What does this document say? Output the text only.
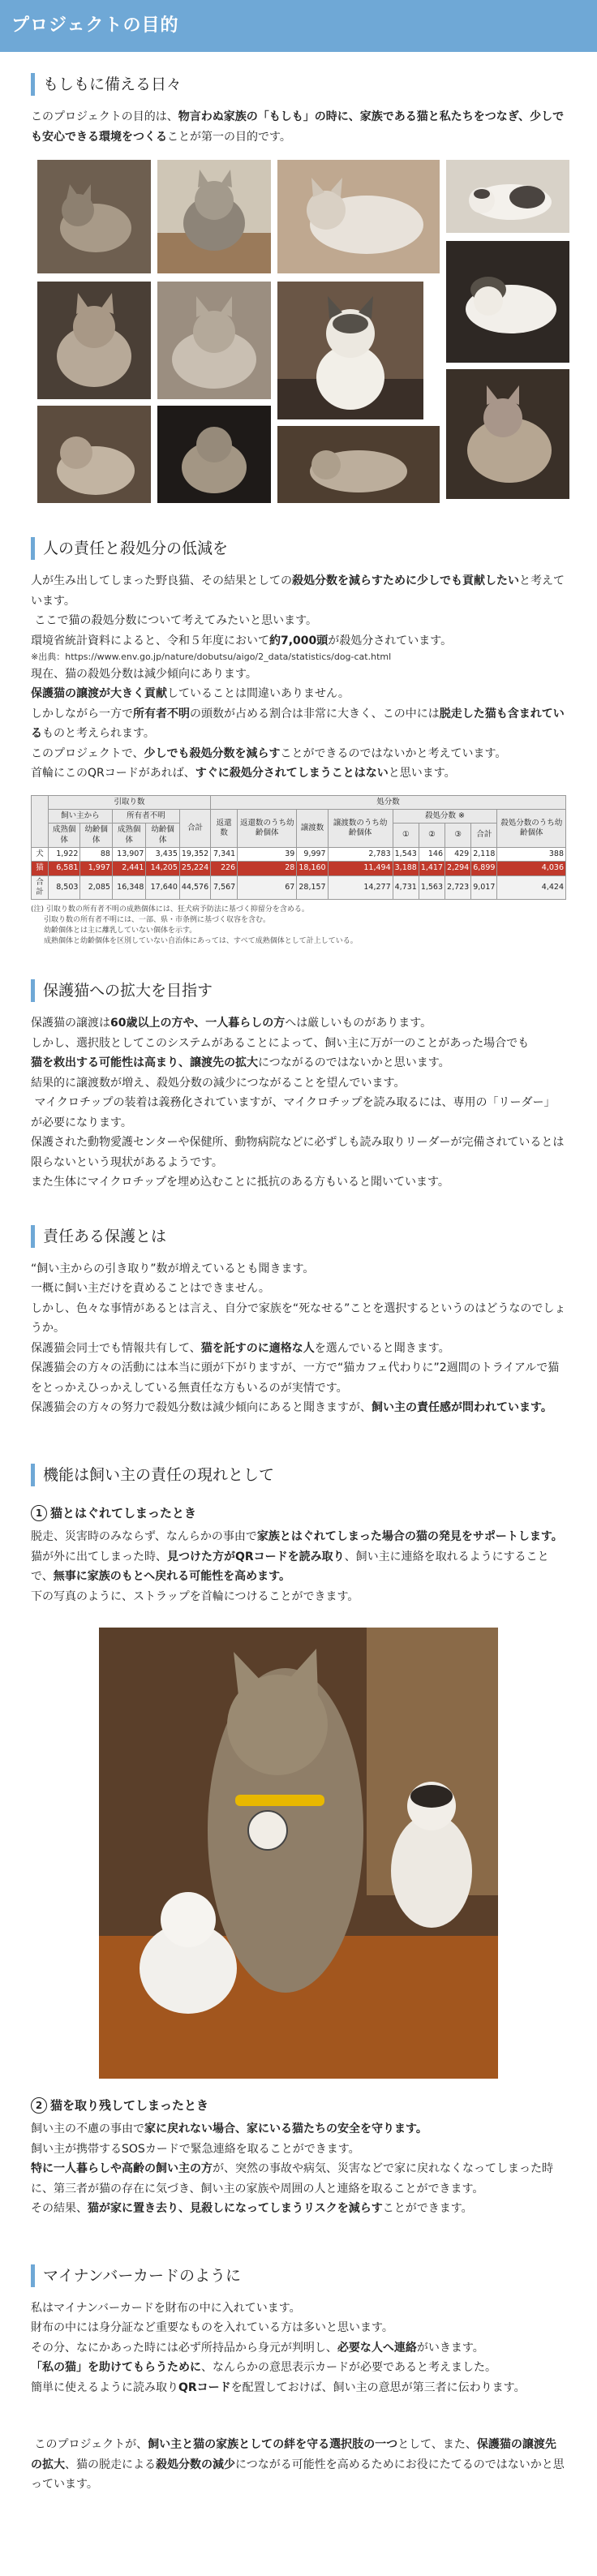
プロジェクトの目的
もしもに備える日々

このプロジェクトの目的は、物言わぬ家族の「もしも」の時に、家族である猫と私たちをつなぎ、少しでも安心できる環境をつくることが第一の目的です。

人の責任と殺処分の低減を

人が生み出してしまった野良猫、その結果としての殺処分数を減らすために少しでも貢献したいと考えています。

ここで猫の殺処分数について考えてみたいと思います。

環境省統計資料によると、令和５年度において約7,000頭が殺処分されています。

※出典：https://www.env.go.jp/nature/dobutsu/aigo/2_data/statistics/dog-cat.html

現在、猫の殺処分数は減少傾向にあります。

保護猫の譲渡が大きく貢献していることは間違いありません。

しかしながら一方で所有者不明の頭数が占める割合は非常に大きく、この中には脱走した猫も含まれているものと考えられます。

このプロジェクトで、少しでも殺処分数を減らすことができるのではないかと考えています。

首輪にこのQRコードがあれば、すぐに殺処分されてしまうことはないと思います。

	引取り数					処分数								
	飼い主から		所有者不明		合計	返還数	返還数のうち幼齢個体	譲渡数	譲渡数のうち幼齢個体	殺処分数 ※				殺処分数のうち幼齢個体
	成熟個体	幼齢個体	成熟個体	幼齢個体						①	②	③	合計	
犬	1,922	88	13,907	3,435	19,352	7,341	39	9,997	2,783	1,543	146	429	2,118	388
猫	6,581	1,997	2,441	14,205	25,224	226	28	18,160	11,494	3,188	1,417	2,294	6,899	4,036
合計	8,503	2,085	16,348	17,640	44,576	7,567	67	28,157	14,277	4,731	1,563	2,723	9,017	4,424
(注) 引取り数の所有者不明の成熟個体には、狂犬病予防法に基づく抑留分を含める。
引取り数の所有者不明には、一部、県・市条例に基づく収容を含む。
幼齢個体とは主に離乳していない個体を示す。
成熟個体と幼齢個体を区別していない自治体にあっては、すべて成熟個体として計上している。
保護猫への拡大を目指す

保護猫の譲渡は60歳以上の方や、一人暮らしの方へは厳しいものがあります。

しかし、選択肢としてこのシステムがあることによって、飼い主に万が一のことがあった場合でも

猫を救出する可能性は高まり、譲渡先の拡大につながるのではないかと思います。

結果的に譲渡数が増え、殺処分数の減少につながることを望んでいます。

マイクロチップの装着は義務化されていますが、マイクロチップを読み取るには、専用の「リーダー」が必要になります。

保護された動物愛護センターや保健所、動物病院などに必ずしも読み取りリーダーが完備されているとは限らないという現状があるようです。

また生体にマイクロチップを埋め込むことに抵抗のある方もいると聞いています。

責任ある保護とは

“飼い主からの引き取り”数が増えているとも聞きます。

一概に飼い主だけを責めることはできません。

しかし、色々な事情があるとは言え、自分で家族を“死なせる”ことを選択するというのはどうなのでしょうか。

保護猫会同士でも情報共有して、猫を託すのに適格な人を選んでいると聞きます。

保護猫会の方々の活動には本当に頭が下がりますが、一方で“猫カフェ代わりに”2週間のトライアルで猫をとっかえひっかえしている無責任な方もいるのが実情です。

保護猫会の方々の努力で殺処分数は減少傾向にあると聞きますが、飼い主の責任感が問われています。

機能は飼い主の責任の現れとして
1 猫とはぐれてしまったとき

脱走、災害時のみならず、なんらかの事由で家族とはぐれてしまった場合の猫の発見をサポートします。

猫が外に出てしまった時、見つけた方がQRコードを読み取り、飼い主に連絡を取れるようにすることで、無事に家族のもとへ戻れる可能性を高めます。

下の写真のように、ストラップを首輪につけることができます。

2 猫を取り残してしまったとき

飼い主の不慮の事由で家に戻れない場合、家にいる猫たちの安全を守ります。

飼い主が携帯するSOSカードで緊急連絡を取ることができます。

特に一人暮らしや高齢の飼い主の方が、突然の事故や病気、災害などで家に戻れなくなってしまった時に、第三者が猫の存在に気づき、飼い主の家族や周囲の人と連絡を取ることができます。

その結果、猫が家に置き去り、見殺しになってしまうリスクを減らすことができます。

マイナンバーカードのように

私はマイナンバーカードを財布の中に入れています。

財布の中には身分証など重要なものを入れている方は多いと思います。

その分、なにかあった時には必ず所持品から身元が判明し、必要な人へ連絡がいきます。

「私の猫」を助けてもらうために、なんらかの意思表示カードが必要であると考えました。

簡単に使えるように読み取りQRコードを配置しておけば、飼い主の意思が第三者に伝わります。

このプロジェクトが、飼い主と猫の家族としての絆を守る選択肢の一つとして、また、保護猫の譲渡先の拡大、猫の脱走による殺処分数の減少につながる可能性を高めるためにお役にたてるのではないかと思っています。
